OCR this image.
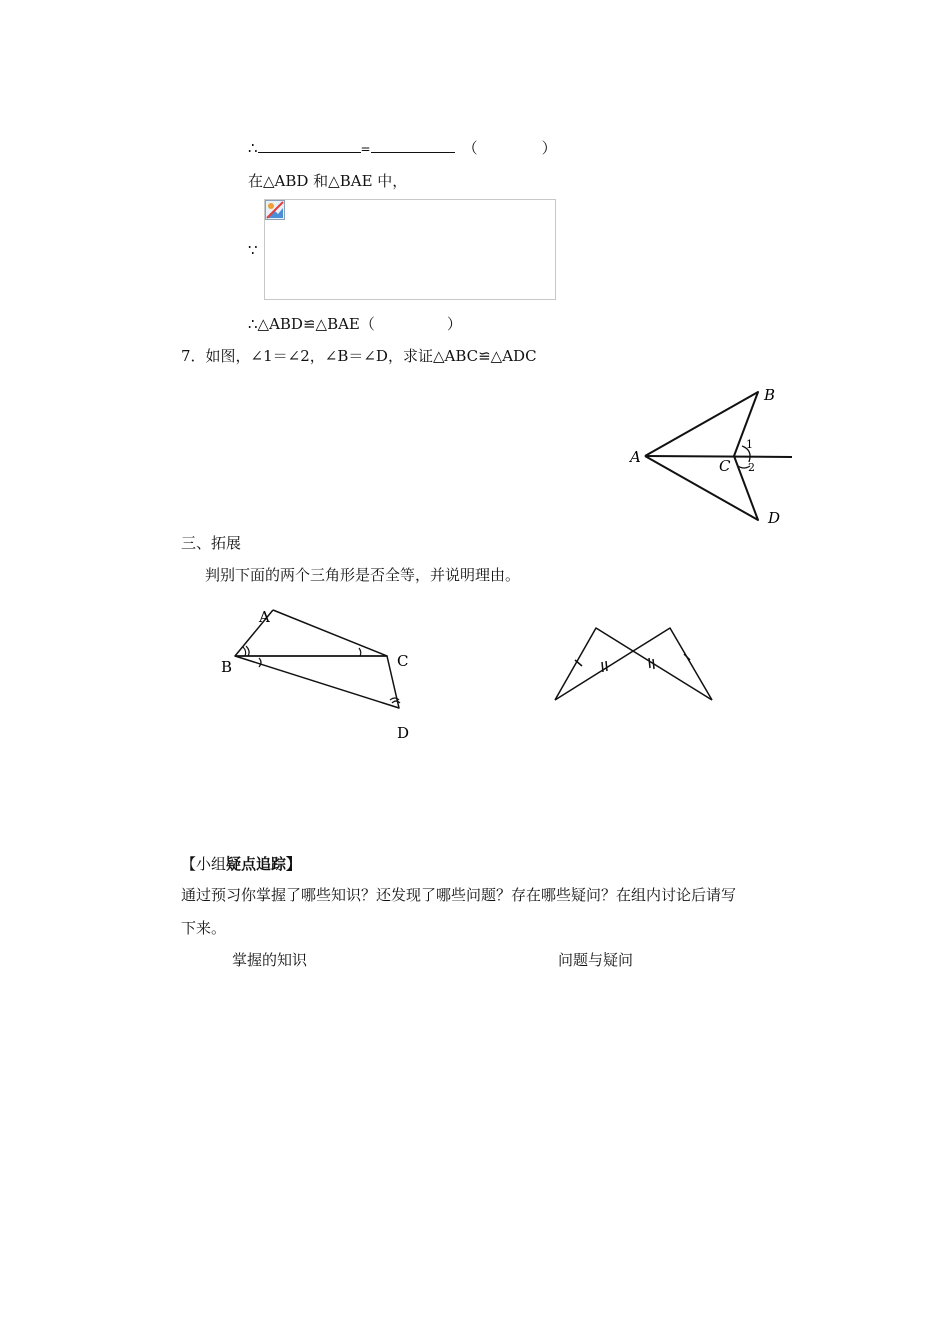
∴	=	（	）
在△ABD 和△BAE 中，
∵
∴△ABD≌△BAE（	）
7．如图，∠1＝∠2，∠B＝∠D，求证△ABC≌△ADC
A
B
C
D
1
2
三、拓展
判别下面的两个三角形是否全等，并说明理由。
A
B	C
D
【小组疑点追踪】
通过预习你掌握了哪些知识？还发现了哪些问题？存在哪些疑问？在组内讨论后请写
下来。
掌握的知识	问题与疑问
